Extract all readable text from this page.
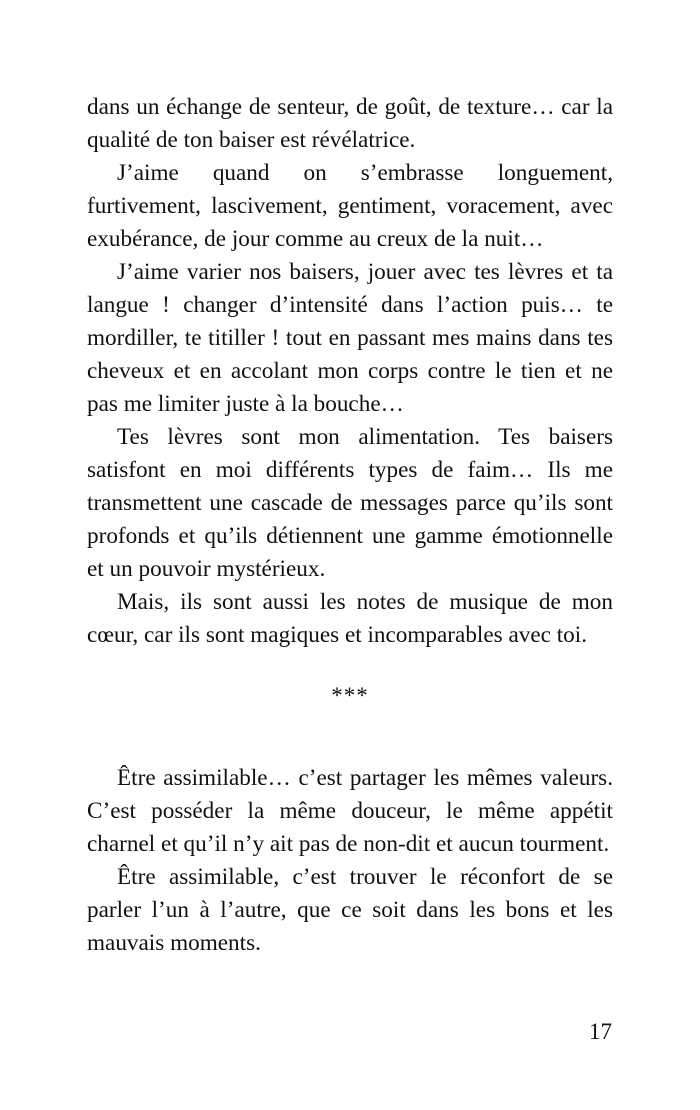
dans un échange de senteur, de goût, de texture… car la qualité de ton baiser est révélatrice.

J’aime quand on s’embrasse longuement, furtivement, lascivement, gentiment, voracement, avec exubérance, de jour comme au creux de la nuit…

J’aime varier nos baisers, jouer avec tes lèvres et ta langue ! changer d’intensité dans l’action puis… te mordiller, te titiller ! tout en passant mes mains dans tes cheveux et en accolant mon corps contre le tien et ne pas me limiter juste à la bouche…

Tes lèvres sont mon alimentation. Tes baisers satisfont en moi différents types de faim… Ils me transmettent une cascade de messages parce qu’ils sont profonds et qu’ils détiennent une gamme émotionnelle et un pouvoir mystérieux.

Mais, ils sont aussi les notes de musique de mon cœur, car ils sont magiques et incomparables avec toi.

***

Être assimilable… c’est partager les mêmes valeurs. C’est posséder la même douceur, le même appétit charnel et qu’il n’y ait pas de non-dit et aucun tourment.

Être assimilable, c’est trouver le réconfort de se parler l’un à l’autre, que ce soit dans les bons et les mauvais moments.

17
